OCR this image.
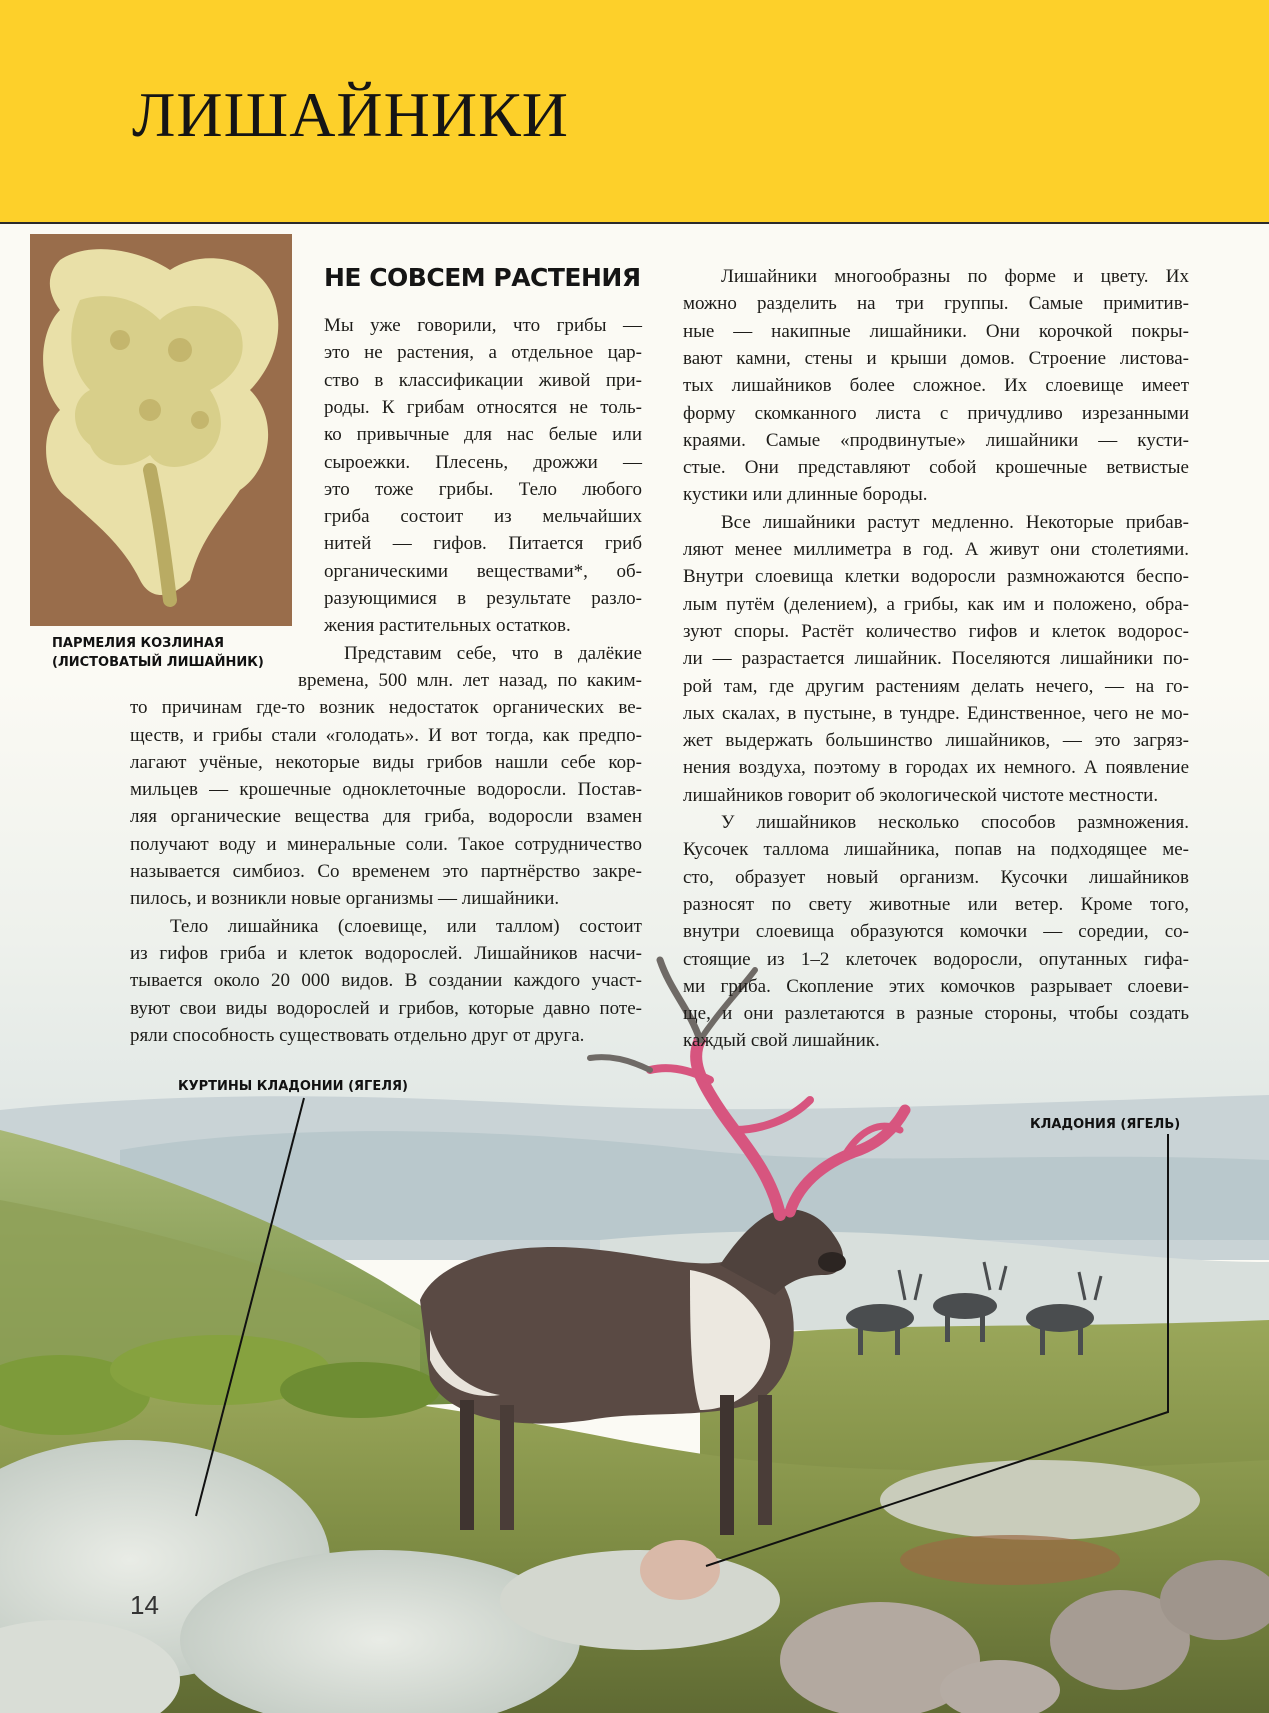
ЛИШАЙНИКИ
ПАРМЕЛИЯ КОЗЛИНАЯ
(ЛИСТОВАТЫЙ ЛИШАЙНИК)
КУРТИНЫ КЛАДОНИИ (ЯГЕЛЯ)
КЛАДОНИЯ (ЯГЕЛЬ)
НЕ СОВСЕМ РАСТЕНИЯ
Мы уже говорили, что грибы —
это не растения, а отдельное цар-
ство в классификации живой при-
роды. К грибам относятся не толь-
ко привычные для нас белые или
сыроежки. Плесень, дрожжи —
это тоже грибы. Тело любого
гриба состоит из мельчайших
нитей — гифов. Питается гриб
органическими веществами*, об-
разующимися в результате разло-
жения растительных остатков.
Представим себе, что в далёкие
времена, 500 млн. лет назад, по каким-
то причинам где-то возник недостаток органических ве-
ществ, и грибы стали «голодать». И вот тогда, как предпо-
лагают учёные, некоторые виды грибов нашли себе кор-
мильцев — крошечные одноклеточные водоросли. Постав-
ляя органические вещества для гриба, водоросли взамен
получают воду и минеральные соли. Такое сотрудничество
называется симбиоз. Со временем это партнёрство закре-
пилось, и возникли новые организмы — лишайники.
Тело лишайника (слоевище, или таллом) состоит
из гифов гриба и клеток водорослей. Лишайников насчи-
тывается около 20 000 видов. В создании каждого участ-
вуют свои виды водорослей и грибов, которые давно поте-
ряли способность существовать отдельно друг от друга.
Лишайники многообразны по форме и цвету. Их
можно разделить на три группы. Самые примитив-
ные — накипные лишайники. Они корочкой покры-
вают камни, стены и крыши домов. Строение листова-
тых лишайников более сложное. Их слоевище имеет
форму скомканного листа с причудливо изрезанными
краями. Самые «продвинутые» лишайники — кусти-
стые. Они представляют собой крошечные ветвистые
кустики или длинные бороды.
Все лишайники растут медленно. Некоторые прибав-
ляют менее миллиметра в год. А живут они столетиями.
Внутри слоевища клетки водоросли размножаются беспо-
лым путём (делением), а грибы, как им и положено, обра-
зуют споры. Растёт количество гифов и клеток водорос-
ли — разрастается лишайник. Поселяются лишайники по-
рой там, где другим растениям делать нечего, — на го-
лых скалах, в пустыне, в тундре. Единственное, чего не мо-
жет выдержать большинство лишайников, — это загряз-
нения воздуха, поэтому в городах их немного. А появление
лишайников говорит об экологической чистоте местности.
У лишайников несколько способов размножения.
Кусочек таллома лишайника, попав на подходящее ме-
сто, образует новый организм. Кусочки лишайников
разносят по свету животные или ветер. Кроме того,
внутри слоевища образуются комочки — соредии, со-
стоящие из 1–2 клеточек водоросли, опутанных гифа-
ми гриба. Скопление этих комочков разрывает слоеви-
ще, и они разлетаются в разные стороны, чтобы создать
каждый свой лишайник.
14
